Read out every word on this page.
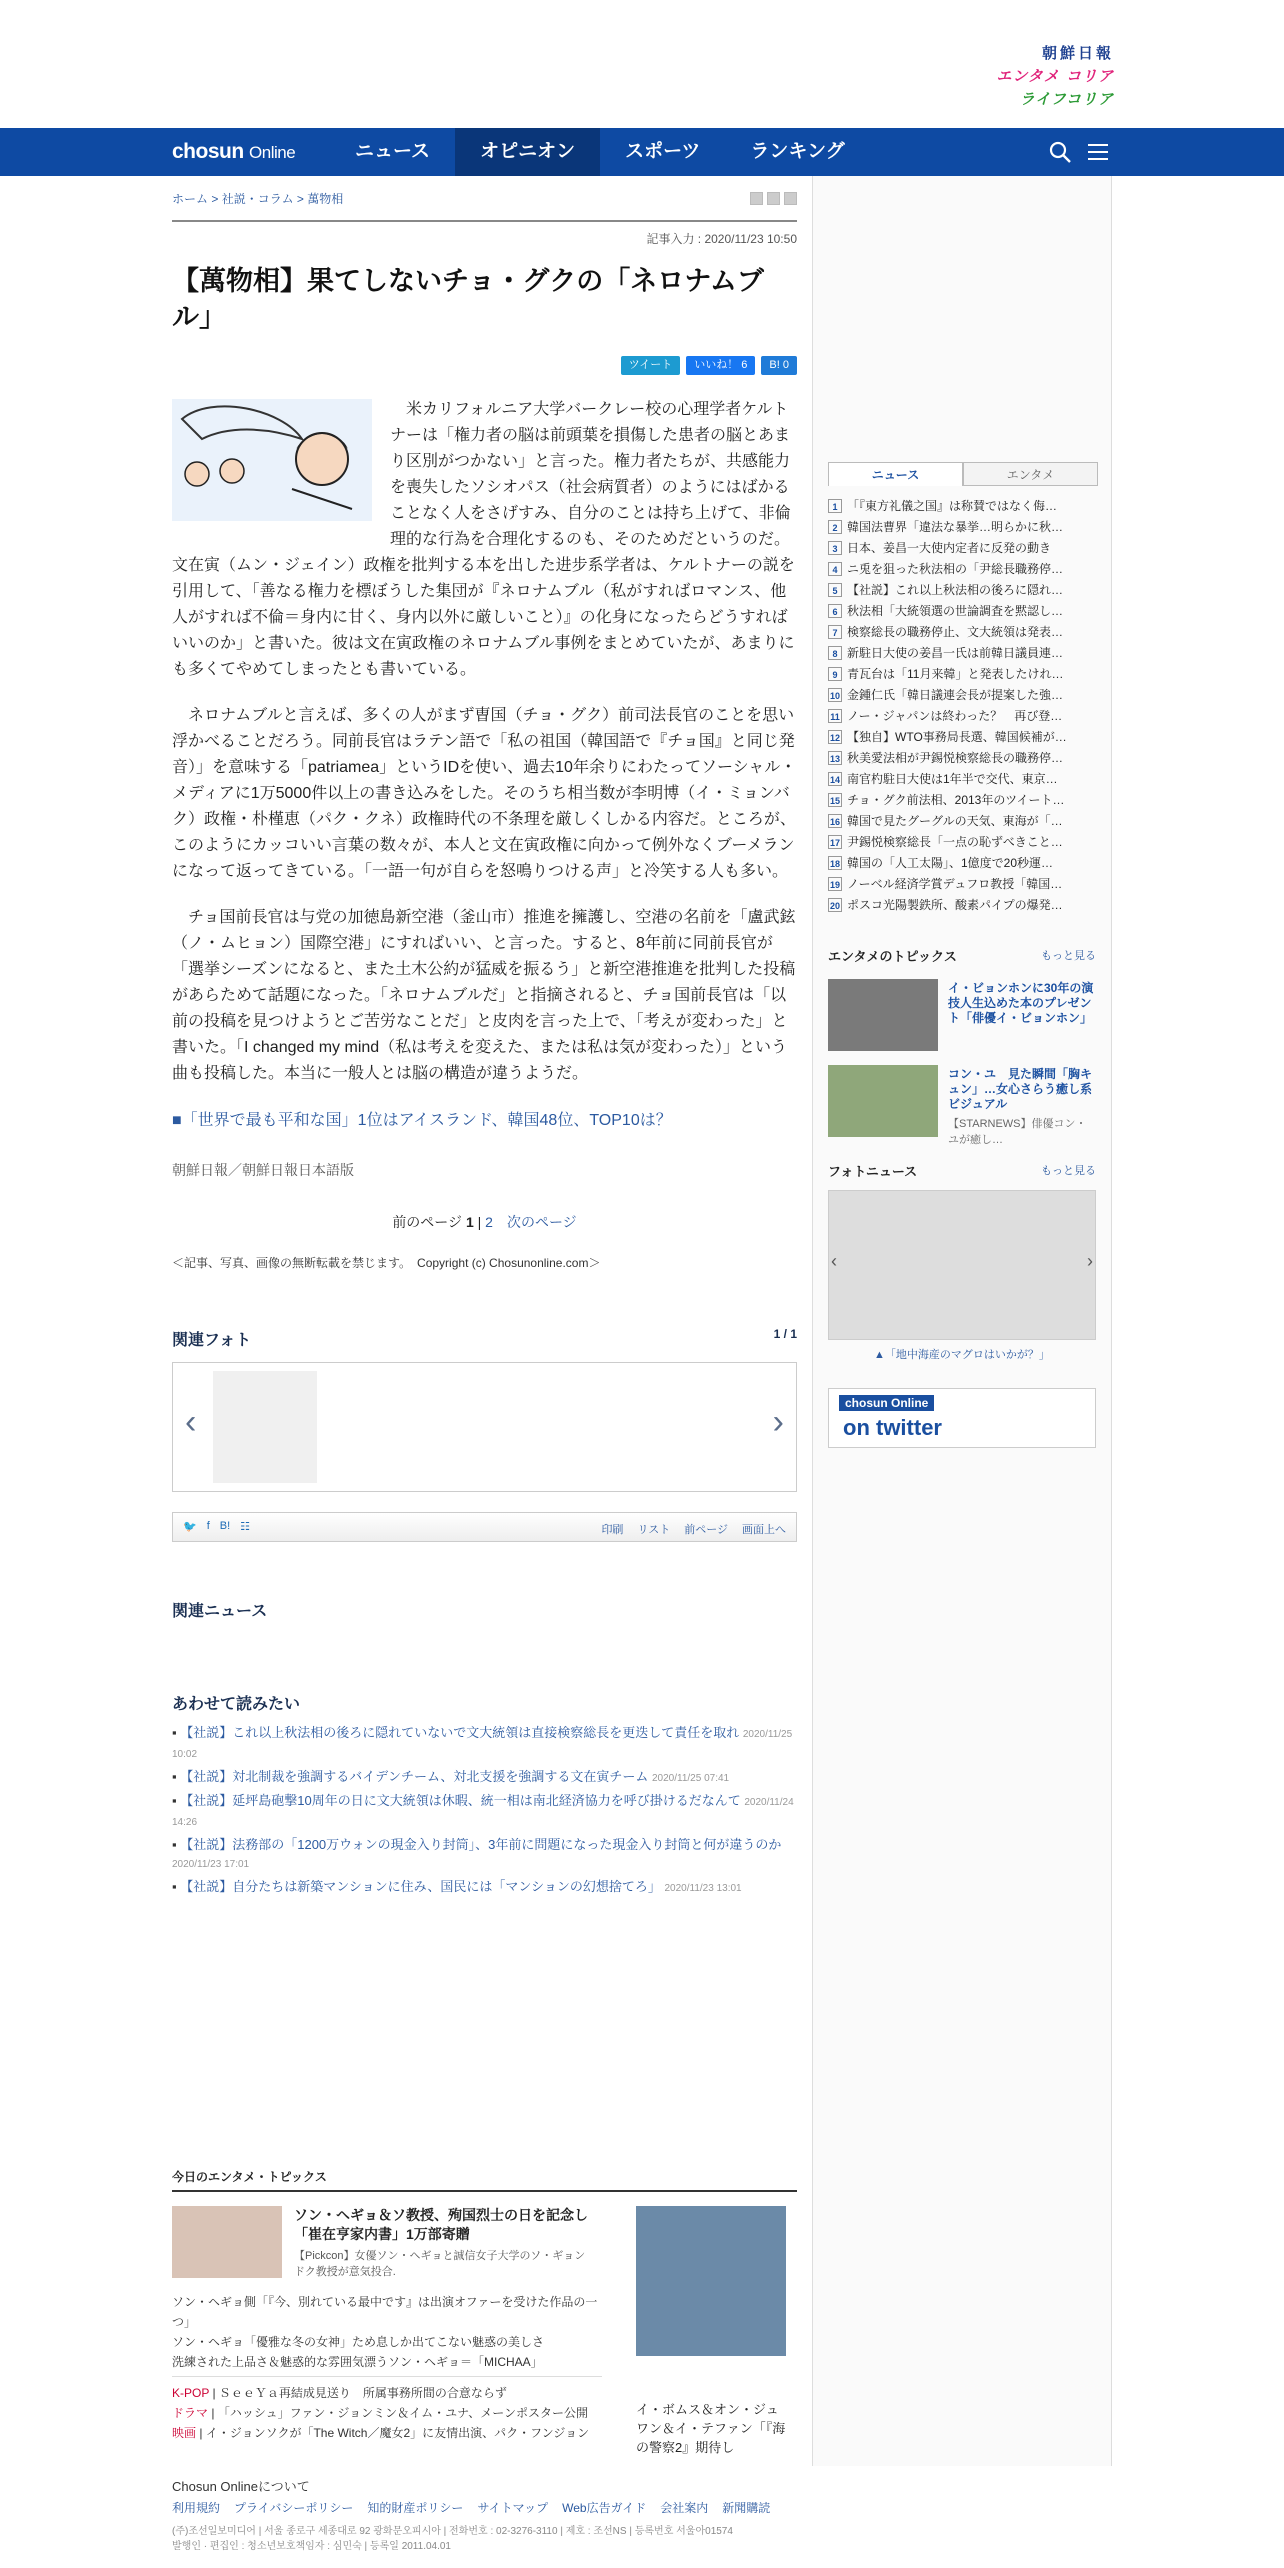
朝鮮日報
エンタメ コリア
ライフコリア
chosun Online	ニュース	オピニオン	スポーツ	ランキング
ホーム > 社説・コラム > 萬物相
記事入力 : 2020/11/23 10:50
【萬物相】果てしないチョ・グクの「ネロナムブル」
ツイート いいね！ 6 B! 0

米カリフォルニア大学バークレー校の心理学者ケルトナーは「権力者の脳は前頭葉を損傷した患者の脳とあまり区別がつかない」と言った。権力者たちが、共感能力を喪失したソシオパス（社会病質者）のようにはばかることなく人をさげすみ、自分のことは持ち上げて、非倫理的な行為を合理化するのも、そのためだというのだ。文在寅（ムン・ジェイン）政権を批判する本を出した进步系学者は、ケルトナーの説を引用して、「善なる権力を標ぼうした集団が『ネロナムブル（私がすればロマンス、他人がすれば不倫＝身内に甘く、身内以外に厳しいこと）』の化身になったらどうすればいいのか」と書いた。彼は文在寅政権のネロナムブル事例をまとめていたが、あまりにも多くてやめてしまったとも書いている。

ネロナムブルと言えば、多くの人がまず曺国（チョ・グク）前司法長官のことを思い浮かべることだろう。同前長官はラテン語で「私の祖国（韓国語で『チョ国』と同じ発音）」を意味する「patriamea」というIDを使い、過去10年余りにわたってソーシャル・メディアに1万5000件以上の書き込みをした。そのうち相当数が李明博（イ・ミョンバク）政権・朴槿恵（パク・クネ）政権時代の不条理を厳しくしかる内容だ。ところが、このようにカッコいい言葉の数々が、本人と文在寅政権に向かって例外なくブーメランになって返ってきている。「一語一句が自らを怒鳴りつける声」と冷笑する人も多い。

チョ国前長官は与党の加徳島新空港（釜山市）推進を擁護し、空港の名前を「盧武鉉（ノ・ムヒョン）国際空港」にすればいい、と言った。すると、8年前に同前長官が「選挙シーズンになると、また土木公約が猛威を振るう」と新空港推進を批判した投稿があらためて話題になった。「ネロナムブルだ」と指摘されると、チョ国前長官は「以前の投稿を見つけようとご苦労なことだ」と皮肉を言った上で、「考えが変わった」と書いた。「I changed my mind（私は考えを変えた、または私は気が変わった）」という曲も投稿した。本当に一般人とは脳の構造が違うようだ。

■「世界で最も平和な国」1位はアイスランド、韓国48位、TOP10は？
朝鮮日報／朝鮮日報日本語版
前のページ 1 | 2　 次のページ
＜記事、写真、画像の無断転載を禁じます。　Copyright (c) Chosunonline.com＞
関連フォト	1 / 1
‹	›
🐦 f B! ☷	印刷 リスト 前ページ 画面上へ
関連ニュース
あわせて読みたい
▪ 【社説】これ以上秋法相の後ろに隠れていないで文大統領は直接検察総長を更迭して責任を取れ 2020/11/25 10:02
▪ 【社説】対北制裁を強調するバイデンチーム、対北支援を強調する文在寅チーム 2020/11/25 07:41
▪ 【社説】延坪島砲撃10周年の日に文大統領は休暇、統一相は南北経済協力を呼び掛けるだなんて 2020/11/24 14:26
▪ 【社説】法務部の「1200万ウォンの現金入り封筒」、3年前に問題になった現金入り封筒と何が違うのか 2020/11/23 17:01
▪ 【社説】自分たちは新築マンションに住み、国民には「マンションの幻想捨てろ」 2020/11/23 13:01
今日のエンタメ・トピックス
ソン・ヘギョ＆ソ教授、殉国烈士の日を記念し「崔在亨家内書」1万部寄贈
【Pickcon】女優ソン・ヘギョと誠信女子大学のソ・ギョンドク教授が意気投合.
ソン・ヘギョ側「『今、別れている最中です』は出演オファーを受けた作品の一つ」
ソン・ヘギョ「優雅な冬の女神」ため息しか出てこない魅惑の美しさ
洗練された上品さ＆魅惑的な雰囲気漂うソン・ヘギョ＝「MICHAA」
K-POP | ＳｅｅＹａ再結成見送り　所属事務所間の合意ならず
ドラマ | 「ハッシュ」ファン・ジョンミン＆イム・ユナ、メーンポスター公開
映画 | イ・ジョンソクが「The Witch／魔女2」に友情出演、パク・フンジョン
イ・ボムス＆オン・ジュワン＆イ・テファン「『海の警察2』期待し
ニュース	エンタメ
1 「『東方礼儀之国』は称賛ではなく侮…
2 韓国法曹界「違法な暴挙…明らかに秋…
3 日本、姜昌一大使内定者に反発の動き
4 ニ兎を狙った秋法相の「尹総長職務停…
5 【社説】これ以上秋法相の後ろに隠れ…
6 秋法相「大統領選の世論調査を黙認し…
7 検察総長の職務停止、文大統領は発表…
8 新駐日大使の姜昌一氏は前韓日議員連…
9 青瓦台は「11月来韓」と発表したけれ…
10 金鍾仁氏「韓日議連会長が提案した強…
11 ノー・ジャパンは終わった？　再び登…
12 【独自】WTO事務局長選、韓国候補が…
13 秋美愛法相が尹錫悦検察総長の職務停…
14 南官杓駐日大使は1年半で交代、東京…
15 チョ・グク前法相、2013年のツイート…
16 韓国で見たグーグルの天気、東海が「…
17 尹錫悦検察総長「一点の恥ずべきこと…
18 韓国の「人工太陽」、1億度で20秒運…
19 ノーベル経済学賞デュフロ教授「韓国…
20 ポスコ光陽製鉄所、酸素パイプの爆発…
エンタメのトピックス	もっと見る
イ・ビョンホンに30年の演技人生込めた本のプレゼント「俳優イ・ビョンホン」
コン・ユ　見た瞬間「胸キュン」…女心さらう癒し系ビジュアル
【STARNEWS】俳優コン・ユが癒し…
フォトニュース	もっと見る
‹	›
▲「地中海産のマグロはいかが？」
chosun Online
on twitter
Chosun Onlineについて
利用規約 プライバシーポリシー 知的財産ポリシー サイトマップ Web広告ガイド 会社案内 新聞購読
(주)조선일보미디어 | 서울 종로구 세종대로 92 광화문오피시아 | 전화번호 : 02-3276-3110 | 제호 : 조선NS | 등록번호 서울아01574
발행인 · 편집인 : 청소년보호책임자 : 심민숙 | 등록일 2011.04.01
